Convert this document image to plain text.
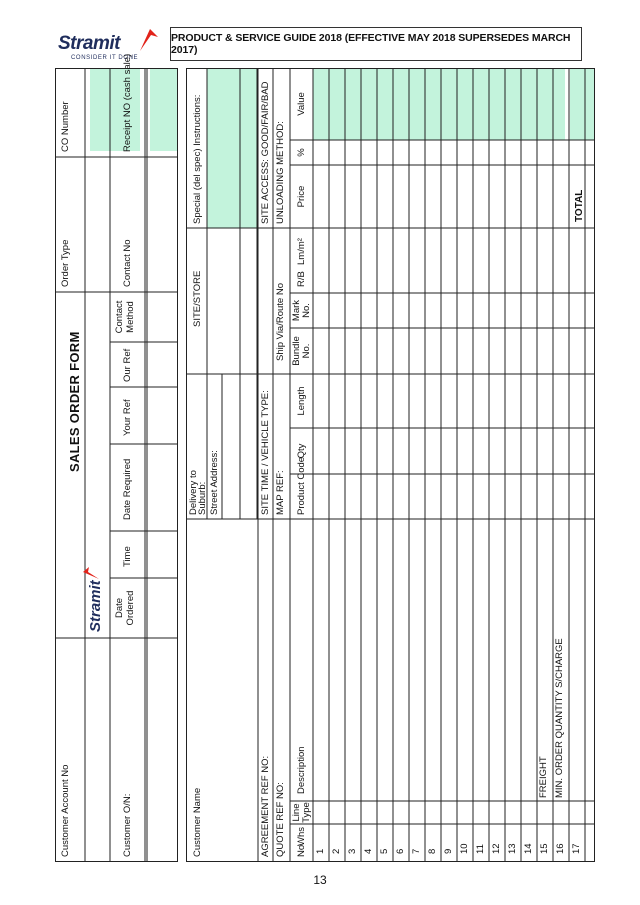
Stramit
CONSIDER IT DONE
PRODUCT & SERVICE GUIDE 2018 (EFFECTIVE MAY 2018 SUPERSEDES MARCH 2017)
Customer Account No
Order Type
CO Number
SALES ORDER FORM
Stramit
Customer O/N:
Date Ordered
Time
Date Required
Your Ref
Our Ref
Contact Method
Contact No
Receipt NO (cash sale)
Customer Name
Delivery to
Suburb: Street Address:
SITE/STORE
Special (del spec) Instructions:
AGREEMENT REF NO: QUOTE REF NO:
SITE TIME / VEHICLE TYPE: MAP REF:
Ship Via/Route No
SITE ACCESS: GOOD/FAIR/BAD UNLOADING METHOD:
No.
Whs
Line Type
Description
Product Code
Qty
Length
Bundle No.
Mark No.
R/B
Lm/m²
Price
%
Value
1 2 3 4 5 6 7 8 9 10 11 12 13 14 15 16 17
FREIGHT MIN. ORDER QUANTITY S/CHARGE
TOTAL
13
